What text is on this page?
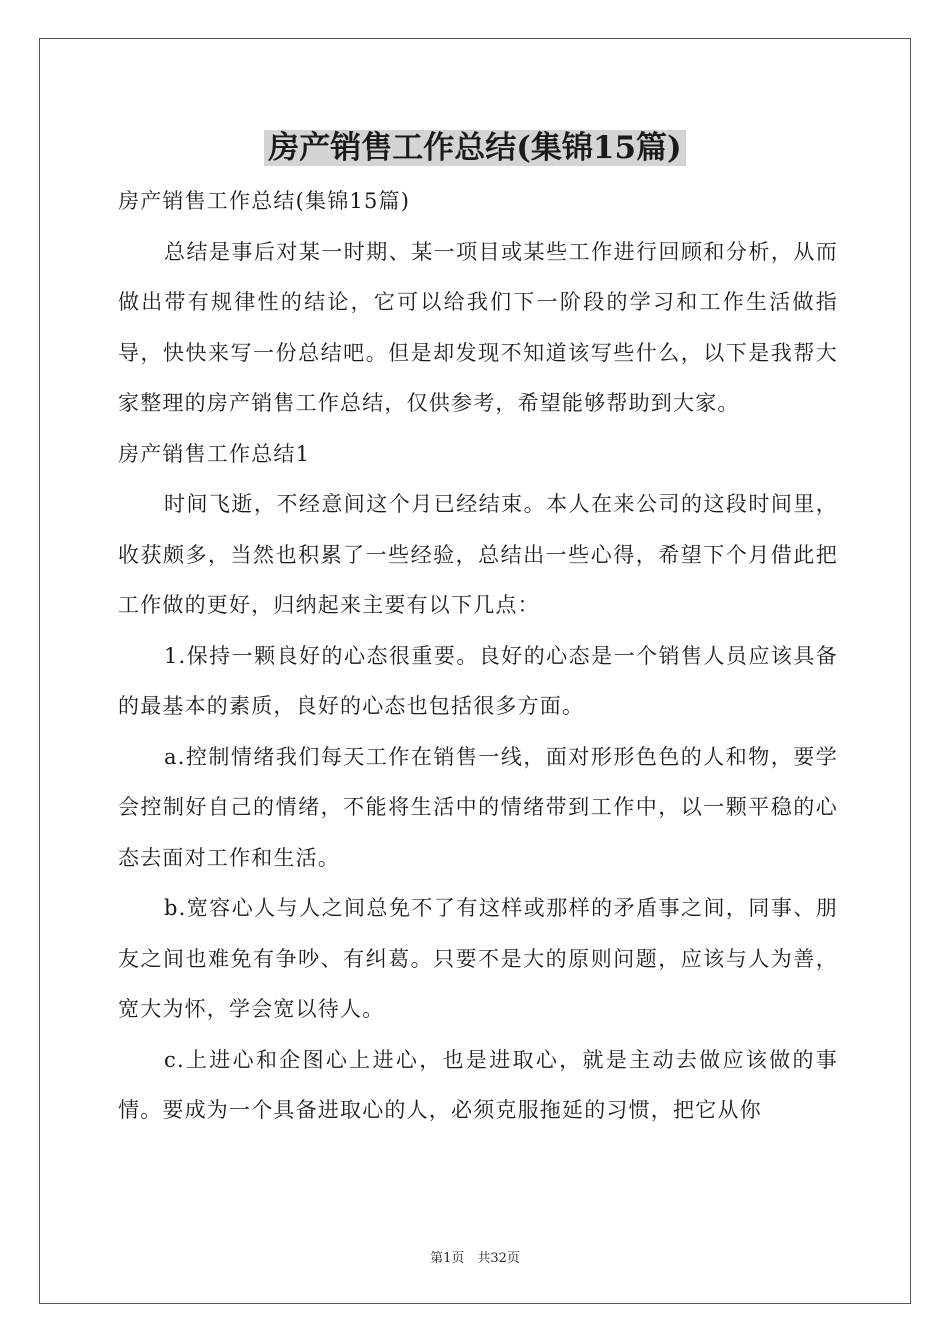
房产销售工作总结(集锦15篇)

房产销售工作总结(集锦15篇)

总结是事后对某一时期、某一项目或某些工作进行回顾和分析，从而做出带有规律性的结论，它可以给我们下一阶段的学习和工作生活做指导，快快来写一份总结吧。但是却发现不知道该写些什么，以下是我帮大家整理的房产销售工作总结，仅供参考，希望能够帮助到大家。

房产销售工作总结1

时间飞逝，不经意间这个月已经结束。本人在来公司的这段时间里，收获颇多，当然也积累了一些经验，总结出一些心得，希望下个月借此把工作做的更好，归纳起来主要有以下几点：

1.保持一颗良好的心态很重要。良好的心态是一个销售人员应该具备的最基本的素质，良好的心态也包括很多方面。

a.控制情绪我们每天工作在销售一线，面对形形色色的人和物，要学会控制好自己的情绪，不能将生活中的情绪带到工作中，以一颗平稳的心态去面对工作和生活。

b.宽容心人与人之间总免不了有这样或那样的矛盾事之间，同事、朋友之间也难免有争吵、有纠葛。只要不是大的原则问题，应该与人为善，宽大为怀，学会宽以待人。

c.上进心和企图心上进心，也是进取心，就是主动去做应该做的事情。要成为一个具备进取心的人，必须克服拖延的习惯，把它从你

第1页　共32页
